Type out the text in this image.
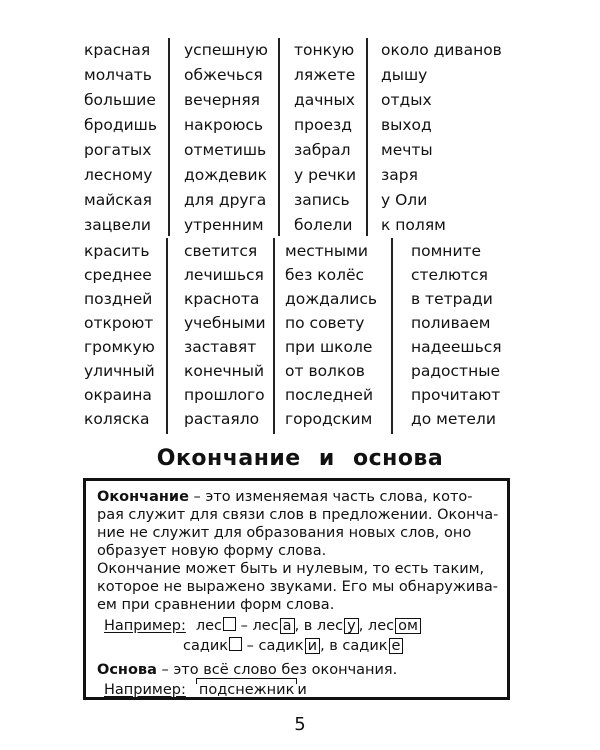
красная
молчать
большие
бродишь
рогатых
лесному
майская
зацвели
успешную
обжечься
вечерняя
накроюсь
отметишь
дождевик
для друга
утренним
тонкую
ляжете
дачных
проезд
забрал
у речки
запись
болели
около диванов
дышу
отдых
выход
мечты
заря
у Оли
к полям
красить
среднее
поздней
откроют
громкую
уличный
окраина
коляска
светится
лечишься
краснота
учебными
заставят
конечный
прошлого
растаяло
местными
без колёс
дождались
по совету
при школе
от волков
последней
городским
помните
стелются
в тетради
поливаем
надеешься
радостные
прочитают
до метели
Окончание и основа
Окончание – это изменяемая часть слова, кото-
рая служит для связи слов в предложении. Оконча-
ние не служит для образования новых слов, оно
образует новую форму слова.
Окончание может быть и нулевым, то есть таким,
которое не выражено звуками. Его мы обнаружива-
ем при сравнении форм слова.
Например: лес – лес а , в лес у , лес ом
садик – садик и , в садик е
Основа – это всё слово без окончания.
Например: подснежник и
5
